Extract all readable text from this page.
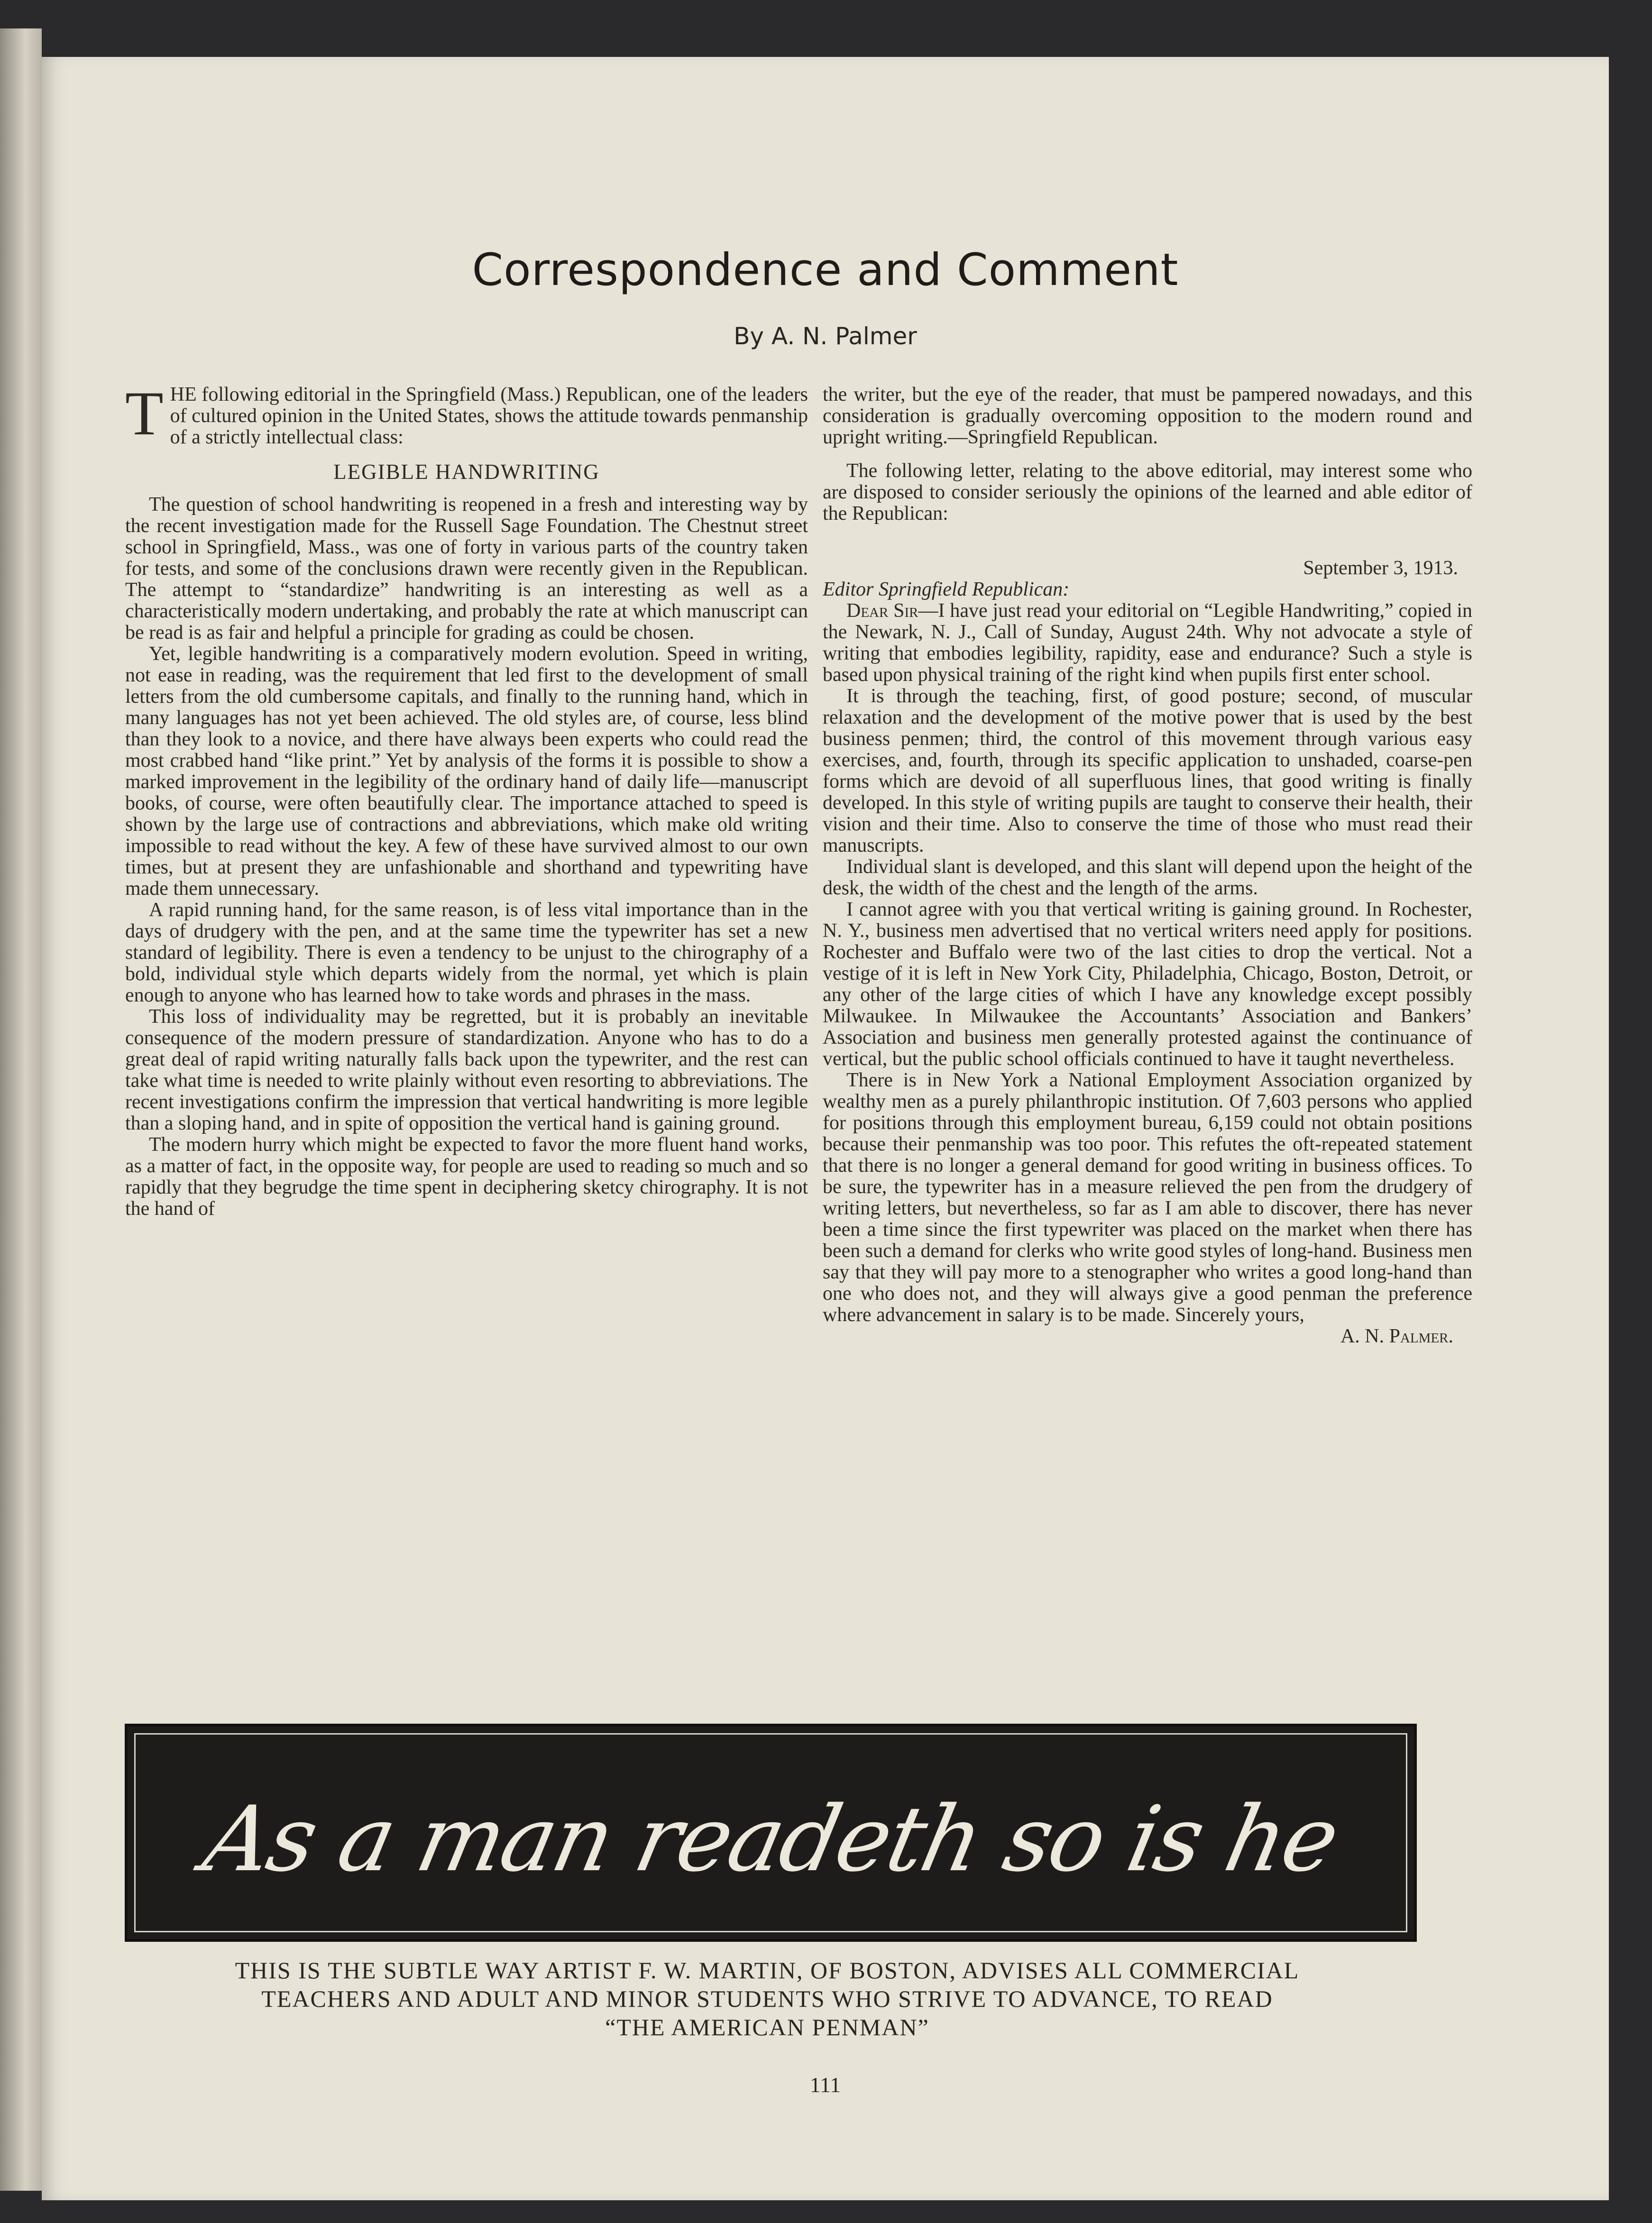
Correspondence and Comment
By A. N. Palmer

T HE following editorial in the Springfield (Mass.) Republican, one of the leaders of cultured opinion in the United States, shows the attitude towards penmanship of a strictly intellectual class:

LEGIBLE HANDWRITING

The question of school handwriting is reopened in a fresh and interesting way by the recent investigation made for the Russell Sage Foundation. The Chestnut street school in Springfield, Mass., was one of forty in various parts of the country taken for tests, and some of the conclusions drawn were recently given in the Republican. The attempt to “standardize” handwriting is an interesting as well as a characteristically modern undertaking, and probably the rate at which manuscript can be read is as fair and helpful a principle for grading as could be chosen.

Yet, legible handwriting is a comparatively modern evolution. Speed in writing, not ease in reading, was the requirement that led first to the development of small letters from the old cumbersome capitals, and finally to the running hand, which in many languages has not yet been achieved. The old styles are, of course, less blind than they look to a novice, and there have always been experts who could read the most crabbed hand “like print.” Yet by analysis of the forms it is possible to show a marked improvement in the legibility of the ordinary hand of daily life—manuscript books, of course, were often beautifully clear. The importance attached to speed is shown by the large use of contractions and abbreviations, which make old writing impossible to read without the key. A few of these have survived almost to our own times, but at present they are unfashionable and shorthand and typewriting have made them unnecessary.

A rapid running hand, for the same reason, is of less vital importance than in the days of drudgery with the pen, and at the same time the typewriter has set a new standard of legibility. There is even a tendency to be unjust to the chirography of a bold, individual style which departs widely from the normal, yet which is plain enough to anyone who has learned how to take words and phrases in the mass.

This loss of individuality may be regretted, but it is probably an inevitable consequence of the modern pressure of standardization. Anyone who has to do a great deal of rapid writing naturally falls back upon the typewriter, and the rest can take what time is needed to write plainly without even resorting to abbreviations. The recent investigations confirm the impression that vertical handwriting is more legible than a sloping hand, and in spite of opposition the vertical hand is gaining ground.

The modern hurry which might be expected to favor the more fluent hand works, as a matter of fact, in the opposite way, for people are used to reading so much and so rapidly that they begrudge the time spent in deciphering sketcy chirography. It is not the hand of

the writer, but the eye of the reader, that must be pampered nowadays, and this consideration is gradually overcoming opposition to the modern round and upright writing.—Springfield Republican.

The following letter, relating to the above editorial, may interest some who are disposed to consider seriously the opinions of the learned and able editor of the Republican:

September 3, 1913.

Editor Springfield Republican:

Dear Sir—I have just read your editorial on “Legible Handwriting,” copied in the Newark, N. J., Call of Sunday, August 24th. Why not advocate a style of writing that embodies legibility, rapidity, ease and endurance? Such a style is based upon physical training of the right kind when pupils first enter school.

It is through the teaching, first, of good posture; second, of muscular relaxation and the development of the motive power that is used by the best business penmen; third, the control of this movement through various easy exercises, and, fourth, through its specific application to unshaded, coarse-pen forms which are devoid of all superfluous lines, that good writing is finally developed. In this style of writing pupils are taught to conserve their health, their vision and their time. Also to conserve the time of those who must read their manuscripts.

Individual slant is developed, and this slant will depend upon the height of the desk, the width of the chest and the length of the arms.

I cannot agree with you that vertical writing is gaining ground. In Rochester, N. Y., business men advertised that no vertical writers need apply for positions. Rochester and Buffalo were two of the last cities to drop the vertical. Not a vestige of it is left in New York City, Philadelphia, Chicago, Boston, Detroit, or any other of the large cities of which I have any knowledge except possibly Milwaukee. In Milwaukee the Accountants’ Association and Bankers’ Association and business men generally protested against the continuance of vertical, but the public school officials continued to have it taught nevertheless.

There is in New York a National Employment Association organized by wealthy men as a purely philanthropic institution. Of 7,603 persons who applied for positions through this employment bureau, 6,159 could not obtain positions because their penmanship was too poor. This refutes the oft-repeated statement that there is no longer a general demand for good writing in business offices. To be sure, the typewriter has in a measure relieved the pen from the drudgery of writing letters, but nevertheless, so far as I am able to discover, there has never been a time since the first typewriter was placed on the market when there has been such a demand for clerks who write good styles of long-hand. Business men say that they will pay more to a stenographer who writes a good long-hand than one who does not, and they will always give a good penman the preference where advancement in salary is to be made. Sincerely yours,

A. N. Palmer.
As a man readeth so is he
THIS IS THE SUBTLE WAY ARTIST F. W. MARTIN, OF BOSTON, ADVISES ALL COMMERCIAL
TEACHERS AND ADULT AND MINOR STUDENTS WHO STRIVE TO ADVANCE, TO READ
“THE AMERICAN PENMAN”
111
